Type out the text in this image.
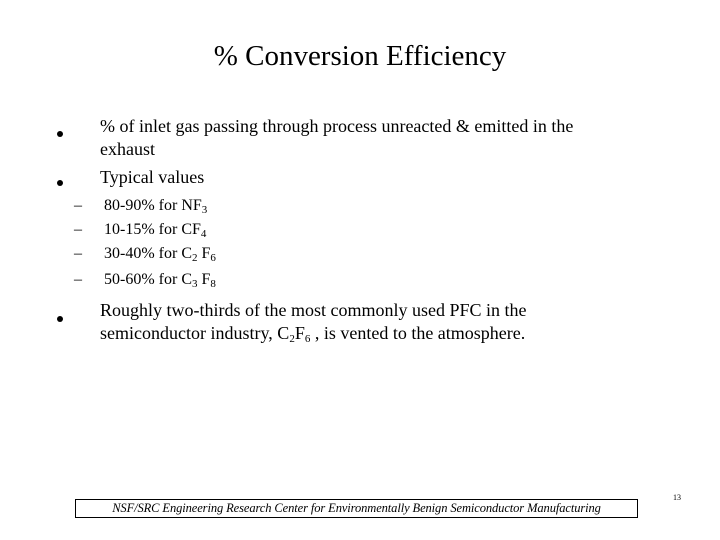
% Conversion Efficiency
% of inlet gas passing through process unreacted & emitted in the
exhaust
Typical values
– 80-90% for $NF_3$
– 10-15% for $CF_4$
– 30-40% for $C_2$ $F_6$
– 50-60% for $C_3$ $F_8$
Roughly two-thirds of the most commonly used PFC in the
semiconductor industry, $C_2F_6$ , is vented to the atmosphere.
NSF/SRC Engineering Research Center for Environmentally Benign Semiconductor Manufacturing
13
